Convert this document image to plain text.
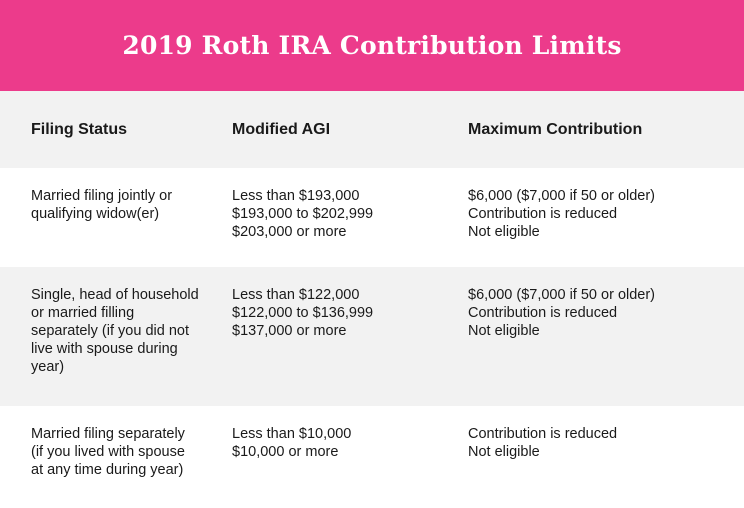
2019 Roth IRA Contribution Limits
Filing Status	Modified AGI	Maximum Contribution
Married filing jointly or
qualifying widow(er)
Less than $193,000
$193,000 to $202,999
$203,000 or more
$6,000 ($7,000 if 50 or older)
Contribution is reduced
Not eligible
Single, head of household
or married filling
separately (if you did not
live with spouse during
year)
Less than $122,000
$122,000 to $136,999
$137,000 or more
$6,000 ($7,000 if 50 or older)
Contribution is reduced
Not eligible
Married filing separately
(if you lived with spouse
at any time during year)
Less than $10,000
$10,000 or more
Contribution is reduced
Not eligible
